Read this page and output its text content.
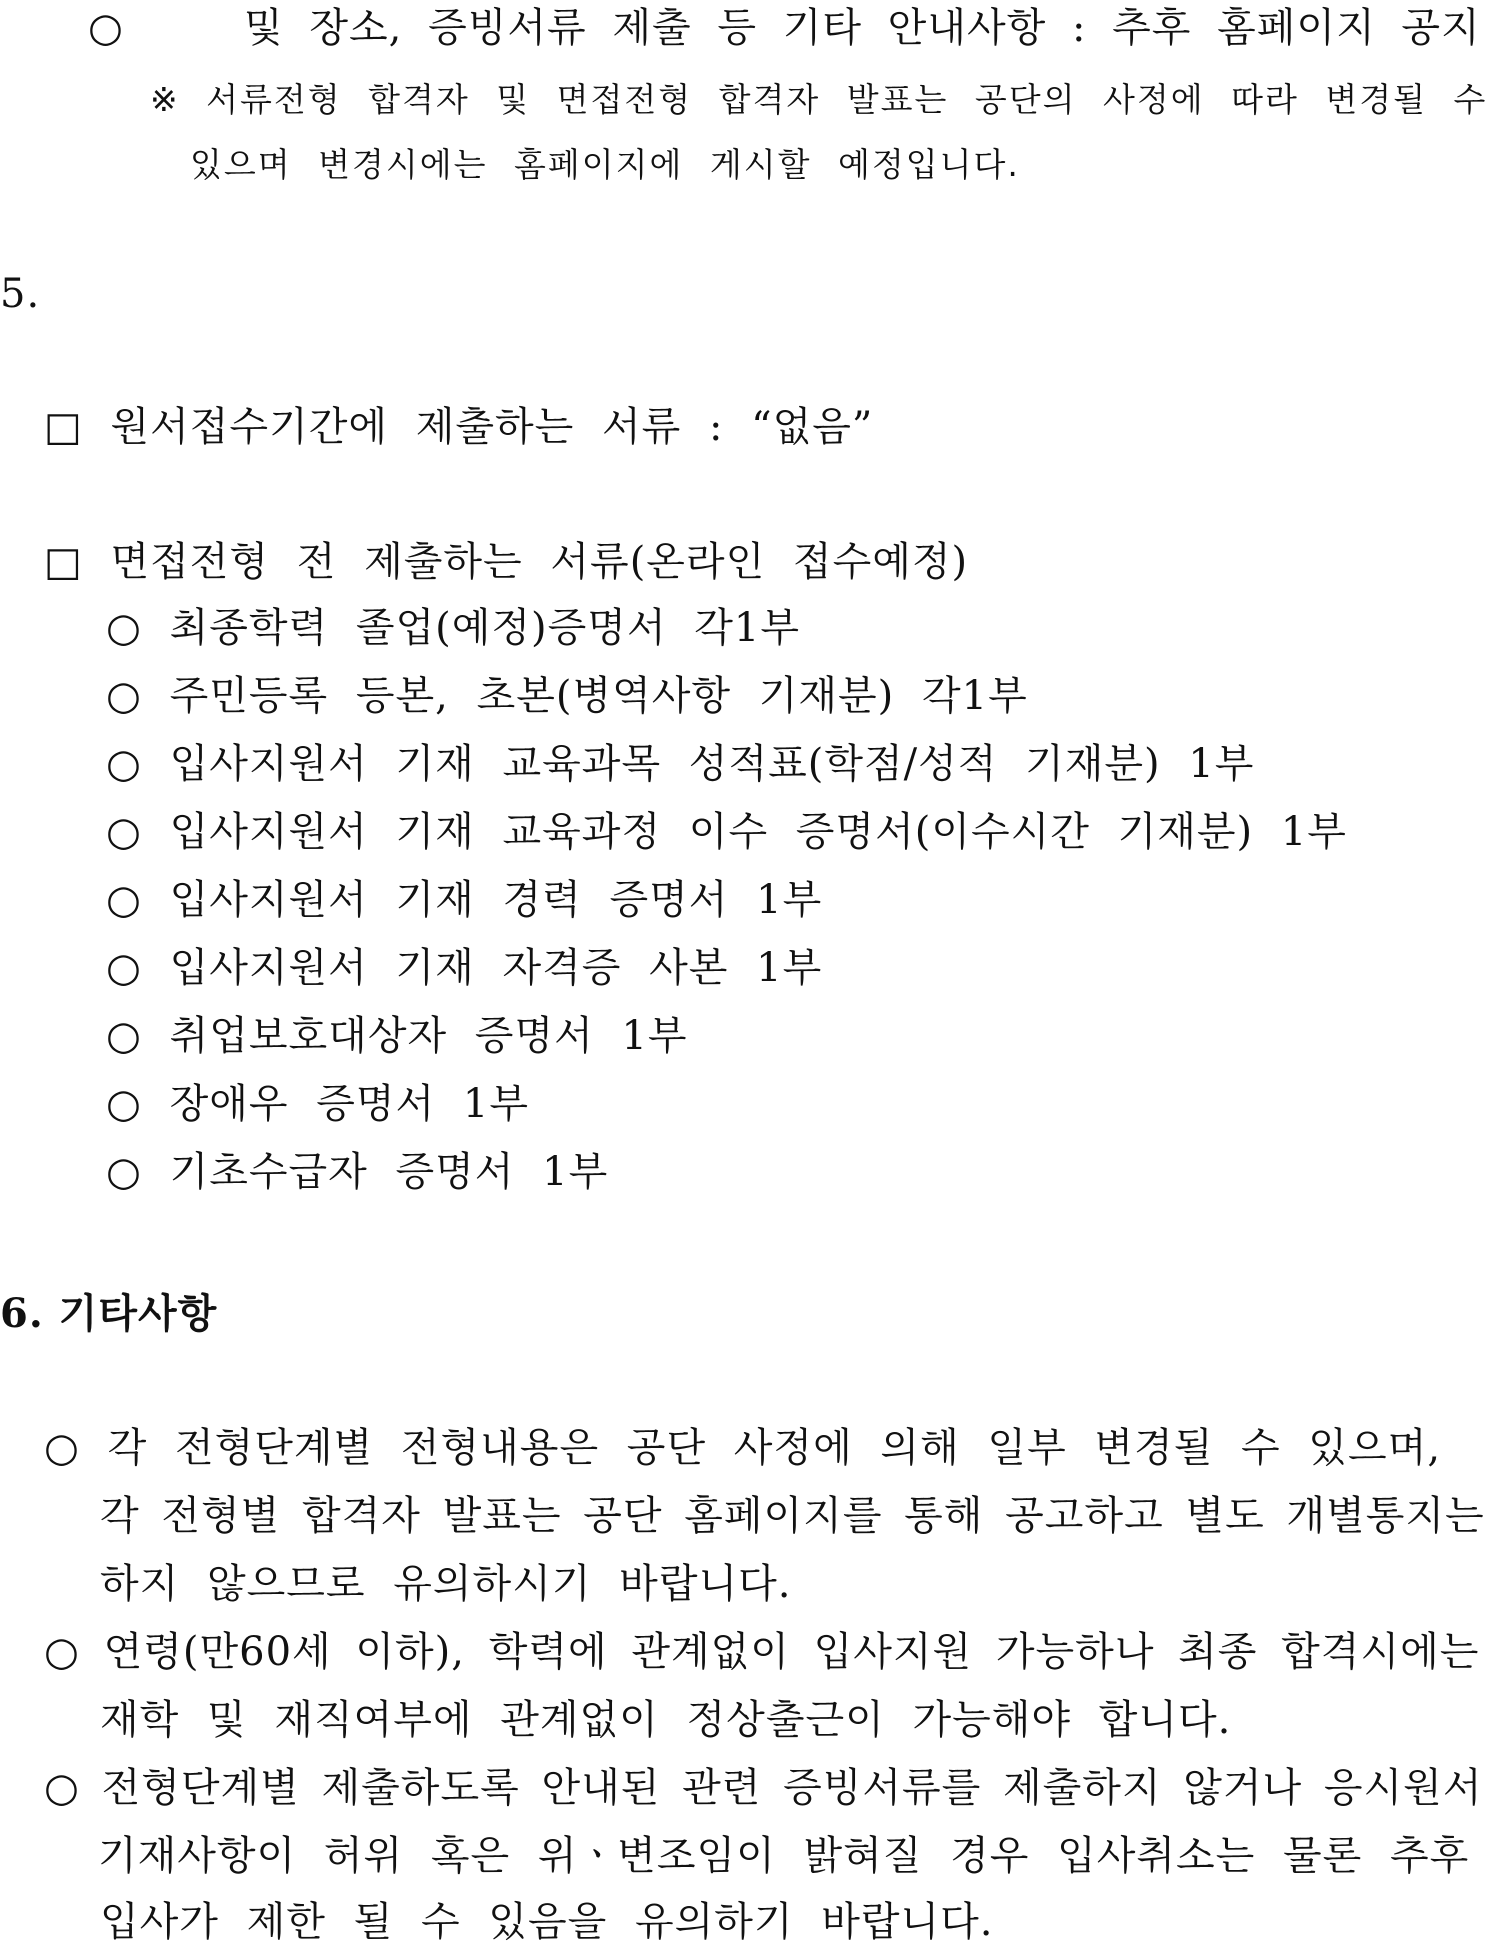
○	및 장소, 증빙서류 제출 등 기타 안내사항 : 추후 홈페이지 공지
※ 서류전형 합격자 및 면접전형 합격자 발표는 공단의 사정에 따라 변경될 수
있으며 변경시에는 홈페이지에 게시할 예정입니다.
5.
□ 원서접수기간에 제출하는 서류 : “없음”
□ 면접전형 전 제출하는 서류(온라인 접수예정)
○ 최종학력 졸업(예정)증명서 각1부
○ 주민등록 등본, 초본(병역사항 기재분) 각1부
○ 입사지원서 기재 교육과목 성적표(학점/성적 기재분) 1부
○ 입사지원서 기재 교육과정 이수 증명서(이수시간 기재분) 1부
○ 입사지원서 기재 경력 증명서 1부
○ 입사지원서 기재 자격증 사본 1부
○ 취업보호대상자 증명서 1부
○ 장애우 증명서 1부
○ 기초수급자 증명서 1부
6. 기타사항
○ 각 전형단계별 전형내용은 공단 사정에 의해 일부 변경될 수 있으며,
각 전형별 합격자 발표는 공단 홈페이지를 통해 공고하고 별도 개별통지는
하지 않으므로 유의하시기 바랍니다.
○ 연령(만60세 이하), 학력에 관계없이 입사지원 가능하나 최종 합격시에는
재학 및 재직여부에 관계없이 정상출근이 가능해야 합니다.
○ 전형단계별 제출하도록 안내된 관련 증빙서류를 제출하지 않거나 응시원서
기재사항이 허위 혹은 위ㆍ변조임이 밝혀질 경우 입사취소는 물론 추후
입사가 제한 될 수 있음을 유의하기 바랍니다.
